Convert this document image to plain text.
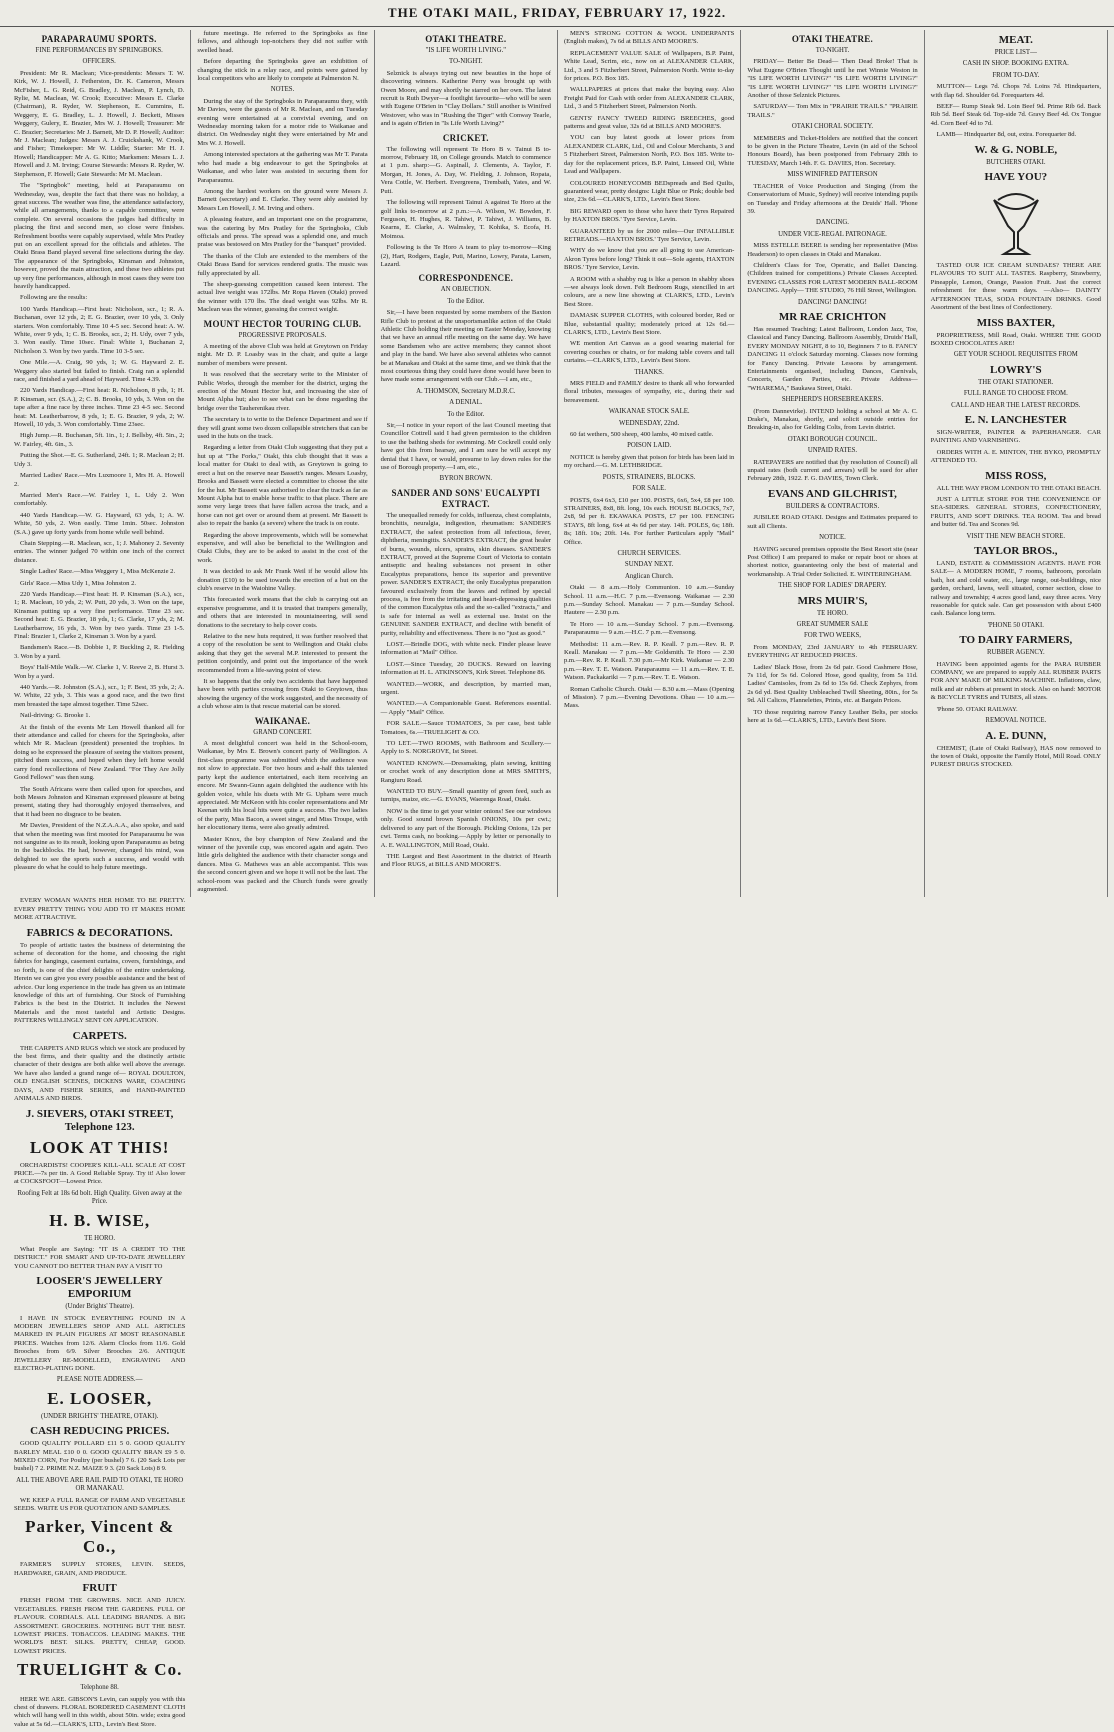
THE OTAKI MAIL, FRIDAY, FEBRUARY 17, 1922.
PARAPARAUMU SPORTS.
FINE PERFORMANCES BY SPRINGBOKS.
OFFICERS.
President: Mr R. Maclean; Vice-presidents: Messrs T. W. Kirk, W. J. Howell, J. Fetherston, Dr. K. Cameron, Messrs McFisher, L. G. Reid, G. Bradley, J. Maclean, P. Lynch, D. Rylie, M. Maclean, W. Crook; Executive: Messrs E. Clarke (Chairman), R. Ryder, W. Stephenson, E. Cummins, E. Weggery, E. G. Bradley, L. J. Howell, J. Beckett, Misses Weggery, Gulery, E. Brazier, Mrs W. J. Howell; Treasurer: Mr C. Brazier; Secretaries: Mr J. Barnett, Mr D. P. Howell; Auditor: Mr J. Maclean; Judges: Messrs A. J. Cruickshank, W. Crook, and Fisher; Timekeeper: Mr W. Liddle; Starter: Mr H. J. Howell; Handicapper: Mr A. G. Kitto; Marksmen: Messrs L. J. Howell and J. M. Irving; Course Stewards: Messrs R. Ryder, W. Stephenson, F. Howell; Gate Stewards: Mr M. Maclean.
The "Springbok" meeting, held at Paraparaumu on Wednesday, was, despite the fact that there was no holiday, a great success. The weather was fine, the attendance satisfactory, while all arrangements, thanks to a capable committee, were complete. On several occasions the judges had difficulty in placing the first and second men, so close were finishes. Refreshment booths were capably supervised, while Mrs Pratley put on an excellent spread for the officials and athletes. The Otaki Brass Band played several fine selections during the day. The appearance of the Springboks, Kinsman and Johnston, however, proved the main attraction, and these two athletes put up very fine performances, although in most cases they were too heavily handicapped.
Following are the results:
100 Yards Handicap.—First heat: Nicholson, scr., 1; R. A. Buchanan, over 12 yds, 2; E. G. Brazier, over 10 yds, 3. Only starters. Won comfortably. Time 10 4-5 sec. Second heat: A. W. White, over 9 yds, 1; C. B. Brooks, scr., 2; H. Udy, over 7 yds, 3. Won easily. Time 10sec. Final: White 1, Buchanan 2, Nicholson 3. Won by two yards. Time 10 3-5 sec.
One Mile.—A. Craig, 90 yds, 1; W. G. Hayward 2. E. Weggery also started but failed to finish. Craig ran a splendid race, and finished a yard ahead of Hayward. Time 4.39.
220 Yards Handicap.—First heat: R. Nicholson, 8 yds, 1; H. P. Kinsman, scr. (S.A.), 2; C. B. Brooks, 10 yds, 3. Won on the tape after a fine race by three inches. Time 23 4-5 sec. Second heat: M. Leatherbarrow, 8 yds, 1; E. G. Brazier, 9 yds, 2; W. Howell, 10 yds, 3. Won comfortably. Time 23sec.
High Jump.—R. Buchanan, 5ft. 1in., 1; J. Bellsby, 4ft. 5in., 2; W. Fairley, 4ft. 6in., 3.
Putting the Shot.—E. G. Sutherland, 24ft. 1; R. Maclean 2; H. Udy 3.
Married Ladies' Race.—Mrs Luxmoore 1, Mrs H. A. Howell 2.
Married Men's Race.—W. Fairley 1, L. Udy 2. Won comfortably.
440 Yards Handicap.—W. G. Hayward, 63 yds, 1; A. W. White, 50 yds, 2. Won easily. Time 1min. 50sec. Johnston (S.A.) gave up forty yards from home while well behind.
Chain Stepping.—R. Maclean, scr., 1; J. Mahoney 2. Seventy entries. The winner judged 70 within one inch of the correct distance.
Single Ladies' Race.—Miss Weggery 1, Miss McKenzie 2.
Girls' Race.—Miss Udy 1, Miss Johnston 2.
220 Yards Handicap.—First heat: H. P. Kinsman (S.A.), scr., 1; R. Maclean, 10 yds, 2; W. Putt, 20 yds, 3. Won on the tape, Kinsman putting up a very fine performance. Time 23 sec. Second heat: E. G. Brazier, 18 yds, 1; G. Clarke, 17 yds, 2; M. Leatherbarrow, 16 yds, 3. Won by two yards. Time 23 1-5. Final: Brazier 1, Clarke 2, Kinsman 3. Won by a yard.
Bandsmen's Race.—B. Dobbie 1, P. Buckling 2, R. Fielding 3. Won by a yard.
Boys' Half-Mile Walk.—W. Clarke 1, V. Reeve 2, B. Hurst 3. Won by a yard.
440 Yards.—R. Johnston (S.A.), scr., 1; F. Best, 35 yds, 2; A. W. White, 22 yds, 3. This was a good race, and the two first men breasted the tape almost together. Time 52sec.
Nail-driving: G. Brooke 1.
At the finish of the events Mr Len Howell thanked all for their attendance and called for cheers for the Springboks, after which Mr R. Maclean (president) presented the trophies. In doing so he expressed the pleasure of seeing the visitors present, pitched them success, and hoped when they left home would carry fond recollections of New Zealand. "For They Are Jolly Good Fellows" was then sung.
The South Africans were then called upon for speeches, and both Messrs Johnston and Kinsman expressed pleasure at being present, stating they had thoroughly enjoyed themselves, and that it had been no disgrace to be beaten.
Mr Davies, President of the N.Z.A.A.A., also spoke, and said that when the meeting was first mooted for Paraparaumu he was not sanguine as to its result, looking upon Paraparaumu as being in the backblocks. He had, however, changed his mind, was delighted to see the sports such a success, and would with pleasure do what he could to help future meetings.
future meetings. He referred to the Springboks as fine fellows, and although top-notchers they did not suffer with swelled head.
Before departing the Springboks gave an exhibition of changing the stick in a relay race, and points were gained by local competitors who are likely to compete at Palmerston N.
NOTES.
During the stay of the Springboks in Paraparaumu they, with Mr Davies, were the guests of Mr R. Maclean, and on Tuesday evening were entertained at a convivial evening, and on Wednesday morning taken for a motor ride to Waikanae and district. On Wednesday night they were entertained by Mr and Mrs W. J. Howell.
Among interested spectators at the gathering was Mr T. Parata who had made a big endeavour to get the Springboks at Waikanae, and who later was assisted in securing them for Paraparaumu.
Among the hardest workers on the ground were Messrs J. Barnett (secretary) and E. Clarke. They were ably assisted by Messrs Len Howell, J. M. Irving and others.
A pleasing feature, and an important one on the programme, was the catering by Mrs Pratley for the Springboks, Club officials and press. The spread was a splendid one, and much praise was bestowed on Mrs Pratley for the "banquet" provided.
The thanks of the Club are extended to the members of the Otaki Brass Band for services rendered gratis. The music was fully appreciated by all.
The sheep-guessing competition caused keen interest. The actual live weight was 172lbs. Mr Ropa Haven (Otaki) proved the winner with 170 lbs. The dead weight was 92lbs. Mr R. Maclean was the winner, guessing the correct weight.
MOUNT HECTOR TOURING CLUB.
PROGRESSIVE PROPOSALS.
A meeting of the above Club was held at Greytown on Friday night. Mr D. P. Loasby was in the chair, and quite a large number of members were present.
It was resolved that the secretary write to the Minister of Public Works, through the member for the district, urging the erection of the Mount Hector hut, and increasing the size of Mount Alpha hut; also to see what can be done regarding the bridge over the Tauherenikau river.
The secretary is to write to the Defence Department and see if they will grant some two dozen collapsible stretchers that can be used in the huts on the track.
Regarding a letter from Otaki Club suggesting that they put a hut up at "The Forks," Otaki, this club thought that it was a local matter for Otaki to deal with, as Greytown is going to erect a hut on the reserve near Bassett's ranges. Messrs Loasby, Brooks and Bassett were elected a committee to choose the site for the hut. Mr Bassett was authorised to clear the track as far as Mount Alpha hut to enable horse traffic to that place. There are some very large trees that have fallen across the track, and a horse can not get over or around them at present. Mr Bassett is also to repair the banks (a severe) where the track is on route.
Regarding the above improvements, which will be somewhat expensive, and will also be beneficial to the Wellington and Otaki Clubs, they are to be asked to assist in the cost of the work.
It was decided to ask Mr Frank Weil if he would allow his donation (£10) to be used towards the erection of a hut on the club's reserve in the Waiohine Valley.
This forecasted work means that the club is carrying out an expensive programme, and it is trusted that trampers generally, and others that are interested in mountaineering, will send donations to the secretary to help cover costs.
Relative to the new huts required, it was further resolved that a copy of the resolution be sent to Wellington and Otaki clubs asking that they get the several M.P. interested to present the petition conjointly, and point out the importance of the work recommended from a life-saving point of view.
It so happens that the only two accidents that have happened have been with parties crossing from Otaki to Greytown, thus showing the urgency of the work suggested, and the necessity of a club whose aim is that rescue material can be stored.
WAIKANAE.
GRAND CONCERT.
A most delightful concert was held in the School-room, Waikanae, by Mrs E. Brown's concert party of Wellington. A first-class programme was submitted which the audience was not slow to appreciate. For two hours and a-half this talented party kept the audience entertained, each item receiving an encore. Mr Swann-Gunn again delighted the audience with his golden voice, while his duets with Mr G. Upham were much appreciated. Mr McKeon with his cooler representations and Mr Keenan with his local hits were quite a success. The two ladies of the party, Miss Bacon, a sweet singer, and Miss Troupe, with her elocutionary items, were also greatly admired.
Master Knox, the boy champion of New Zealand and the winner of the juvenile cup, was encored again and again. Two little girls delighted the audience with their character songs and dances. Miss G. Mathews was an able accompanist. This was the second concert given and we hope it will not be the last. The school-room was packed and the Church funds were greatly augmented.
OTAKI THEATRE.
"IS LIFE WORTH LIVING."
TO-NIGHT.
Selznick is always trying out new beauties in the hope of discovering winners. Katherine Perry was brought up with Owen Moore, and may shortly be starred on her own. The latest recruit is Ruth Dwyer—a footlight favourite—who will be seen with Eugene O'Brien in "Clay Dollars." Still another is Winifred Westover, who was in "Rushing the Tiger" with Conway Tearle, and is again o'Brien in "Is Life Worth Living?"
CRICKET.
The following will represent Te Horo B v. Tainui B to-morrow, February 18, on College grounds. Match to commence at 1 p.m. sharp:—G. Aspinall, J. Clements, A. Taylor, F. Morgan, H. Jones, A. Day, W. Fielding, J. Johnson, Ropata, Vera Cottle, W. Herbert. Evergreens, Trembath, Yates, and W. Puti.
The following will represent Tainui A against Te Horo at the golf links to-morrow at 2 p.m.:—A. Wilson, W. Bowden, F. Ferguson, H. Hughes, R. Tahiwi, P. Tahiwi, J. Williams, B. Kearns, E. Clarke, A. Walmsley, T. Kohika, S. Ecofa, H. Moimoa.
Following is the Te Horo A team to play to-morrow—King (2), Hart, Rodgers, Eagle, Puti, Marino, Lowry, Parata, Larsen, Lazard.
CORRESPONDENCE.
AN OBJECTION.
To the Editor.
Sir,—I have been requested by some members of the Baxton Rifle Club to protest at the unsportsmanlike action of the Otaki Athletic Club holding their meeting on Easter Monday, knowing that we have an annual rifle meeting on the same day. We have some Bandsmen who are active members; they cannot shoot and play in the band. We have also several athletes who cannot be at Manakau and Otaki at the same time, and we think that the most courteous thing they could have done would have been to have made some arrangement with our Club.—I am, etc.,
A. THOMSON, Secretary M.D.R.C.
A DENIAL.
To the Editor.
Sir,—I notice in your report of the last Council meeting that Councillor Cottrell said I had given permission to the children to use the bathing sheds for swimming. Mr Cockrell could only have got this from hearsay, and I am sure he will accept my denial that I have, or would, presume to lay down rules for the use of Borough property.—I am, etc.,
BYRON BROWN.
SANDER AND SONS' EUCALYPTI EXTRACT.
The unequalled remedy for colds, influenza, chest complaints, bronchitis, neuralgia, indigestion, rheumatism: SANDER'S EXTRACT, the safest protection from all infectious, fever, diphtheria, meningitis. SANDER'S EXTRACT, the great healer of burns, wounds, ulcers, sprains, skin diseases. SANDER'S EXTRACT, proved at the Supreme Court of Victoria to contain antiseptic and healing substances not present in other Eucalyptus preparations, hence its superior and preventive power. SANDER'S EXTRACT, the only Eucalyptus preparation favoured exclusively from the leaves and refined by special process, is free from the irritating and heart-depressing qualities of the common Eucalyptus oils and the so-called "extracts," and is safe for internal as well as external use. Insist on the GENUINE SANDER EXTRACT, and decline with benefit of purity, reliability and effectiveness. There is no "just as good."
LOST.—Brindle DOG, with white neck. Finder please leave information at "Mail" Office.
LOST.—Since Tuesday, 20 DUCKS. Reward on leaving information at H. L. ATKINSON'S, Kirk Street. Telephone 86.
WANTED.—WORK, and description, by married man, urgent.
WANTED.—A Companionable Guest. References essential. — Apply "Mail" Office.
FOR SALE.—Sauce TOMATOES, 3s per case, best table Tomatoes, 6s.—TRUELIGHT & CO.
TO LET.—TWO ROOMS, with Bathroom and Scullery.—Apply to S. NORGROVE, Ist Street.
WANTED KNOWN.—Dressmaking, plain sewing, knitting or crochet work of any description done at MRS SMITH'S, Rangiuru Road.
WANTED TO BUY.—Small quantity of green feed, such as turnips, maize, etc.—G. EVANS, Waerenga Road, Otaki.
NOW is the time to get your winter onions! See our windows only. Good sound brown Spanish ONIONS, 10s per cwt.; delivered to any part of the Borough. Pickling Onions, 12s per cwt. Terms cash, no booking.—Apply by letter or personally to A. E. WALLINGTON, Mill Road, Otaki.
THE Largest and Best Assortment in the district of Hearth and Floor RUGS, at BILLS AND MOORE'S.
MEN'S STRONG COTTON & WOOL UNDERPANTS (English makes), 7s 6d at BILLS AND MOORE'S.
REPLACEMENT VALUE SALE of Wallpapers, B.P. Paint, White Lead, Scrim, etc., now on at ALEXANDER CLARK, Ltd., 3 and 5 Fitzherbert Street, Palmerston North. Write to-day for prices. P.O. Box 185.
WALLPAPERS at prices that make the buying easy. Also Freight Paid for Cash with order from ALEXANDER CLARK, Ltd., 3 and 5 Fitzherbert Street, Palmerston North.
GENTS' FANCY TWEED RIDING BREECHES, good patterns and great value, 32s 6d at BILLS AND MOORE'S.
YOU can buy latest goods at lower prices from ALEXANDER CLARK, Ltd., Oil and Colour Merchants, 3 and 5 Fitzherbert Street, Palmerston North, P.O. Box 185. Write to-day for the replacement prices, B.P. Paint, Linseed Oil, White Lead and Wallpapers.
COLOURED HONEYCOMB BEDspreads and Bed Quilts, guaranteed wear, pretty designs: Light Blue or Pink; double bed size, 23s 6d.—CLARK'S, LTD., Levin's Best Store.
BIG REWARD open to those who have their Tyres Repaired by HAXTON BROS.' Tyre Service, Levin.
GUARANTEED by us for 2000 miles—Our INFALLIBLE RETREADS.—HAXTON BROS.' Tyre Service, Levin.
WHY do we know that you are all going to use American-Akron Tyres before long? Think it out—Sole agents, HAXTON BROS.' Tyre Service, Levin.
A ROOM with a shabby rug is like a person in shabby shoes—we always look down. Felt Bedroom Rugs, stencilled in art colours, are a new line showing at CLARK'S, LTD., Levin's Best Store.
DAMASK SUPPER CLOTHS, with coloured border, Red or Blue, substantial quality; moderately priced at 12s 6d.—CLARK'S, LTD., Levin's Best Store.
WE mention Art Canvas as a good wearing material for covering couches or chairs, or for making table covers and tall curtains.—CLARK'S, LTD., Levin's Best Store.
THANKS.
MRS FIELD and FAMILY desire to thank all who forwarded floral tributes, messages of sympathy, etc., during their sad bereavement.
WAIKANAE STOCK SALE.
WEDNESDAY, 22nd.
60 fat wethers, 500 sheep, 400 lambs, 40 mixed cattle.
POISON LAID.
NOTICE is hereby given that poison for birds has been laid in my orchard.—G. M. LETHBRIDGE.
POSTS, STRAINERS, BLOCKS.
FOR SALE.
POSTS, 6x4 6x3, £10 per 100. POSTS, 6x6, 5x4, £8 per 100. STRAINERS, 8x8, 8ft. long, 10s each. HOUSE BLOCKS, 7x7, 2x8, 9d per ft. EKAWAKA POSTS, £7 per 100. FENCING STAYS, 8ft long, 6x4 at 4s 6d per stay. 14ft. POLES, 6s; 18ft. 8s; 18ft. 10s; 20ft. 14s. For further Particulars apply "Mail" Office.
CHURCH SERVICES.
SUNDAY NEXT.
Anglican Church.
Otaki — 8 a.m.—Holy Communion. 10 a.m.—Sunday School. 11 a.m.—H.C. 7 p.m.—Evensong. Waikanae — 2.30 p.m.—Sunday School. Manakau — 7 p.m.—Sunday School. Hautere — 2.30 p.m.
Te Horo — 10 a.m.—Sunday School. 7 p.m.—Evensong. Paraparaumu — 9 a.m.—H.C. 7 p.m.—Evensong.
Methodist: 11 a.m.—Rev. R. P. Keall. 7 p.m.—Rev. R. P. Keall. Manakau — 7 p.m.—Mr Goldsmith. Te Horo — 2.30 p.m.—Rev. R. P. Keall. 7.30 p.m.—Mr Kirk. Waikanae — 2.30 p.m.—Rev. T. E. Watson. Paraparaumu — 11 a.m.—Rev. T. E. Watson. Packakariki — 7 p.m.—Rev. T. E. Watson.
Roman Catholic Church. Otaki — 8.30 a.m.—Mass (Opening of Mission). 7 p.m.—Evening Devotions. Ohau — 10 a.m.—Mass.
OTAKI THEATRE.
TO-NIGHT.
FRIDAY— Better Be Dead— Then Dead Broke! That is What Eugene O'Brien Thought until he met Winnie Weston in "IS LIFE WORTH LIVING?" "IS LIFE WORTH LIVING?" "IS LIFE WORTH LIVING?" "IS LIFE WORTH LIVING?" Another of those Selznick Pictures.
SATURDAY— Tom Mix in "PRAIRIE TRAILS." "PRAIRIE TRAILS."
OTAKI CHORAL SOCIETY.
MEMBERS and Ticket-Holders are notified that the concert to be given in the Picture Theatre, Levin (in aid of the School Honours Board), has been postponed from February 28th to TUESDAY, March 14th. F. G. DAVIES, Hon. Secretary.
MISS WINIFRED PATTERSON
TEACHER of Voice Production and Singing (from the Conservatorium of Music, Sydney) will receive intending pupils on Tuesday and Friday afternoons at the Druids' Hall. 'Phone 39.
DANCING.
UNDER VICE-REGAL PATRONAGE.
MISS ESTELLE BEERE is sending her representative (Miss Headerson) to open classes in Otaki and Manakau.
Children's Class for Toe, Operatic, and Ballet Dancing. (Children trained for competitions.) Private Classes Accepted. EVENING CLASSES FOR LATEST MODERN BALL-ROOM DANCING. Apply— THE STUDIO, 76 Hill Street, Wellington.
DANCING! DANCING!
MR RAE CRICHTON
Has resumed Teaching; Latest Ballroom, London Jazz, Toe, Classical and Fancy Dancing. Ballroom Assembly, Druids' Hall, EVERY MONDAY NIGHT, 8 to 10, Beginners 7 to 8. FANCY DANCING 11 o'clock Saturday morning. Classes now forming for Fancy Dancing. Private Lessons by arrangement. Entertainments organised, including Dances, Carnivals, Concerts, Garden Parties, etc. Private Address— "WHAREMA," Baukawa Street, Otaki.
SHEPHERD'S HORSEBREAKERS.
(From Dannevirke). INTEND holding a school at Mr A. C. Drake's, Manakau, shortly, and solicit outside entries for Breaking-in, also for Gelding Colts, from Levin district.
OTAKI BOROUGH COUNCIL.
UNPAID RATES.
RATEPAYERS are notified that (by resolution of Council) all unpaid rates (both current and arrears) will be sued for after February 28th, 1922. F. G. DAVIES, Town Clerk.
EVANS AND GILCHRIST,
BUILDERS & CONTRACTORS.
JUBILEE ROAD OTAKI. Designs and Estimates prepared to suit all Clients.
NOTICE.
HAVING secured premises opposite the Best Resort site (near Post Office) I am prepared to make or repair boot or shoes at shortest notice, guaranteeing only the best of material and workmanship. A Trial Order Solicited. E. WINTERINGHAM.
THE SHOP FOR LADIES' DRAPERY.
MRS MUIR'S,
TE HORO.
GREAT SUMMER SALE
FOR TWO WEEKS,
From MONDAY, 23rd JANUARY to 4th FEBRUARY. EVERYTHING AT REDUCED PRICES.
Ladies' Black Hose, from 2s 6d pair. Good Cashmere Hose, 7s 11d, for 5s 6d. Colored Hose, good quality, from 5s 11d. Ladies' Camisoles, from 2s 6d to 15s 6d. Check Zephyrs, from 2s 6d yd. Best Quality Unbleached Twill Sheeting, 80in., for 5s 9d. All Calicos, Flannelettes, Prints, etc. at Bargain Prices.
TO those requiring narrow Fancy Leather Belts, per stocks here at 1s 6d.—CLARK'S, LTD., Levin's Best Store.
MEAT.
PRICE LIST—
CASH IN SHOP. BOOKING EXTRA.
FROM TO-DAY.
MUTTON— Legs 7d. Chops 7d. Loins 7d. Hindquarters, with flap 6d. Shoulder 6d. Forequarters 4d.
BEEF— Rump Steak 9d. Loin Beef 9d. Prime Rib 6d. Back Rib 5d. Beef Steak 6d. Top-side 7d. Gravy Beef 4d. Ox Tongue 4d. Corn Beef 4d to 7d.
LAMB— Hindquarter 8d, out, extra. Forequarter 8d.
W. & G. NOBLE,
BUTCHERS OTAKI.
HAVE YOU?
TASTED OUR ICE CREAM SUNDAES? THERE ARE FLAVOURS TO SUIT ALL TASTES. Raspberry, Strawberry, Pineapple, Lemon, Orange, Passion Fruit. Just the correct refreshment for these warm days. —Also— DAINTY AFTERNOON TEAS, SODA FOUNTAIN DRINKS. Good Assortment of the best lines of Confectionery.
MISS BAXTER,
PROPRIETRESS, Mill Road, Otaki. WHERE THE GOOD BOXED CHOCOLATES ARE!
GET YOUR SCHOOL REQUISITES FROM
LOWRY'S
THE OTAKI STATIONER.
FULL RANGE TO CHOOSE FROM.
CALL AND HEAR THE LATEST RECORDS.
E. N. LANCHESTER
SIGN-WRITER, PAINTER & PAPERHANGER. CAR PAINTING AND VARNISHING.
ORDERS WITH A. E. MINTON, THE BYKO, PROMPTLY ATTENDED TO.
MISS ROSS,
ALL THE WAY FROM LONDON TO THE OTAKI BEACH.
JUST A LITTLE STORE FOR THE CONVENIENCE OF SEA-SIDERS. GENERAL STORES, CONFECTIONERY, FRUITS, AND SOFT DRINKS. TEA ROOM. Tea and bread and butter 6d. Tea and Scones 9d.
VISIT THE NEW BEACH STORE.
TAYLOR BROS.,
LAND, ESTATE & COMMISSION AGENTS. HAVE FOR SALE— A MODERN HOME, 7 rooms, bathroom, porcelain bath, hot and cold water, etc., large range, out-buildings, nice garden, orchard, lawns, well situated, corner section, close to railway and township; 4 acres good land, easy three acres. Very reasonable for quick sale. Can get possession with about £400 cash. Balance long term.
'PHONE 50 OTAKI.
TO DAIRY FARMERS,
RUBBER AGENCY.
HAVING been appointed agents for the PARA RUBBER COMPANY, we are prepared to supply ALL RUBBER PARTS FOR ANY MAKE OF MILKING MACHINE. Inflations, claw, milk and air rubbers at present in stock. Also on hand: MOTOR & BICYCLE TYRES and TUBES, all sizes.
'Phone 50. OTAKI RAILWAY.
REMOVAL NOTICE.
A. E. DUNN,
CHEMIST, (Late of Otaki Railway), HAS now removed to the town of Otaki, opposite the Family Hotel, Mill Road. ONLY PUREST DRUGS STOCKED.
EVERY WOMAN WANTS HER HOME TO BE PRETTY. EVERY PRETTY THING YOU ADD TO IT MAKES HOME MORE ATTRACTIVE.
FABRICS & DECORATIONS.
To people of artistic tastes the business of determining the scheme of decoration for the home, and choosing the right fabrics for hangings, casement curtains, covers, furnishings, and so forth, is one of the chief delights of the entire undertaking. Herein we can give you every possible assistance and the best of advice. Our long experience in the trade has given us an intimate knowledge of this art of furnishing. Our Stock of Furnishing Fabrics is the best in the District. It includes the Newest Materials and the most tasteful and Artistic Designs. PATTERNS WILLINGLY SENT ON APPLICATION.
CARPETS.
THE CARPETS AND RUGS which we stock are produced by the best firms, and their quality and the distinctly artistic character of their designs are both alike well above the average. We have also landed a grand range of— ROYAL DOULTON, OLD ENGLISH SCENES, DICKENS WARE, COACHING DAYS, AND FISHER SERIES, and HAND-PAINTED ANIMALS AND BIRDS.
J. SIEVERS, OTAKI STREET, Telephone 123.
LOOK AT THIS!
ORCHARDISTS! COOPER'S KILL-ALL SCALE AT COST PRICE.—7s per tin. A Good Reliable Spray. Try it! Also lower at COCKSFOOT—Lowest Price.
Roofing Felt at 18s 6d bolt. High Quality. Given away at the Price.
H. B. WISE,
TE HORO.
What People are Saying: "IT IS A CREDIT TO THE DISTRICT." FOR SMART AND UP-TO-DATE JEWELLERY YOU CANNOT DO BETTER THAN PAY A VISIT TO
LOOSER'S JEWELLERY EMPORIUM
(Under Brights' Theatre).
I HAVE IN STOCK EVERYTHING FOUND IN A MODERN JEWELLER'S SHOP AND ALL ARTICLES MARKED IN PLAIN FIGURES AT MOST REASONABLE PRICES. Watches from 12/6. Alarm Clocks from 11/6. Gold Brooches from 6/9. Silver Brooches 2/6. ANTIQUE JEWELLERY RE-MODELLED, ENGRAVING AND ELECTRO-PLATING DONE.
PLEASE NOTE ADDRESS.—
E. LOOSER,
(UNDER BRIGHTS' THEATRE, OTAKI).
CASH REDUCING PRICES.
GOOD QUALITY POLLARD £11 5 0. GOOD QUALITY BARLEY MEAL £10 0 0. GOOD QUALITY BRAN £9 5 0. MIXED CORN, For Poultry (per bushel) 7 6. (20 Sack Lots per bushel) 7 2. PRIME N.Z. MAIZE 9 3. (20 Sack Lots) 8 9.
ALL THE ABOVE ARE RAIL PAID TO OTAKI, TE HORO OR MANAKAU.
WE KEEP A FULL RANGE OF FARM AND VEGETABLE SEEDS. WRITE US FOR QUOTATION AND SAMPLES.
Parker, Vincent & Co.,
FARMER'S SUPPLY STORES, LEVIN. SEEDS, HARDWARE, GRAIN, AND PRODUCE.
FRUIT
FRESH FROM THE GROWERS. NICE AND JUICY. VEGETABLES. FRESH FROM THE GARDENS. FULL OF FLAVOUR. CORDIALS. ALL LEADING BRANDS. A BIG ASSORTMENT. GROCERIES. NOTHING BUT THE BEST. LOWEST PRICES. TOBACCOS. LEADING MAKES. THE WORLD'S BEST. SILKS. PRETTY, CHEAP, GOOD. LOWEST PRICES.
TRUELIGHT & Co.
Telephone 88.
HERE WE ARE. GIBSON'S Levin, can supply you with this chest of drawers. FLORAL BORDERED CASEMENT CLOTH which will hang well in this width, about 50in. wide; extra good value at 5s 6d.—CLARK'S, LTD., Levin's Best Store.
